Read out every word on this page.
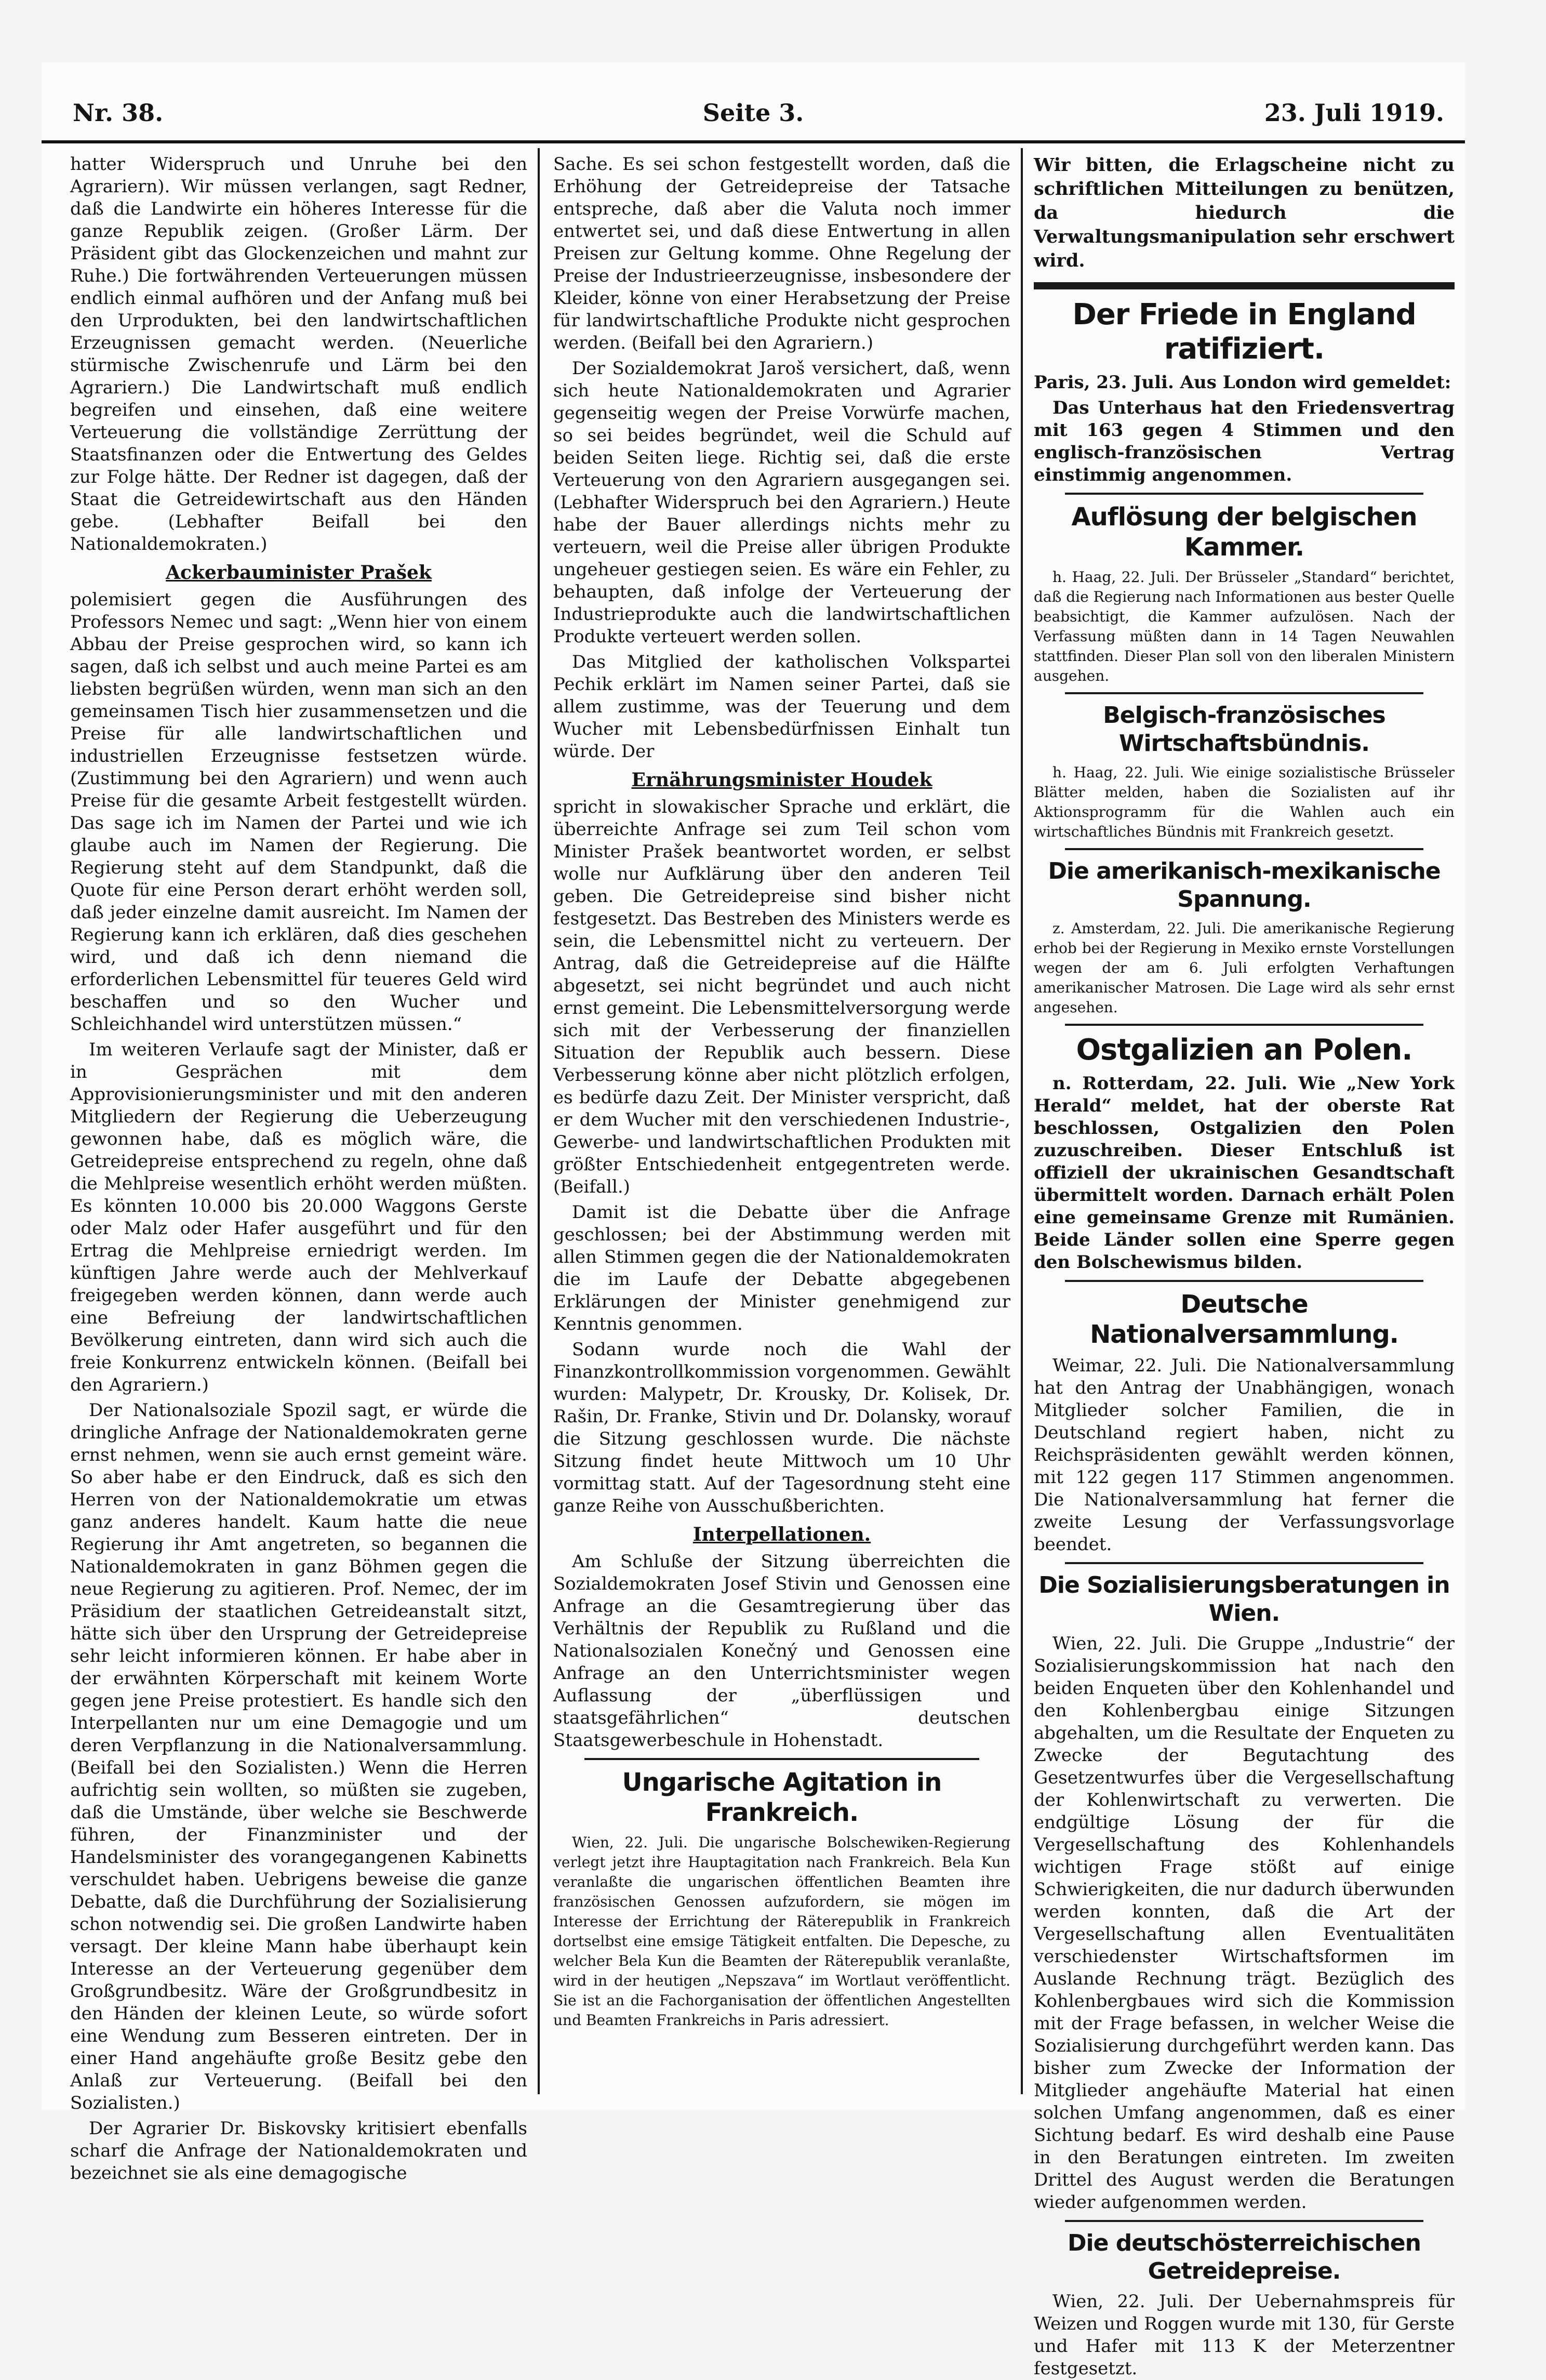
Nr. 38.	Seite 3.	23. Juli 1919.

hatter Widerspruch und Unruhe bei den Agrariern). Wir müssen verlangen, sagt Redner, daß die Landwirte ein höheres Interesse für die ganze Republik zeigen. (Großer Lärm. Der Präsident gibt das Glockenzeichen und mahnt zur Ruhe.) Die fortwährenden Verteuerungen müssen endlich einmal aufhören und der Anfang muß bei den Urprodukten, bei den landwirtschaftlichen Erzeugnissen gemacht werden. (Neuerliche stürmische Zwischenrufe und Lärm bei den Agrariern.) Die Landwirtschaft muß endlich begreifen und einsehen, daß eine weitere Verteuerung die vollständige Zerrüttung der Staatsfinanzen oder die Entwertung des Geldes zur Folge hätte. Der Redner ist dagegen, daß der Staat die Getreidewirtschaft aus den Händen gebe. (Lebhafter Beifall bei den Nationaldemokraten.)

Ackerbauminister Prašek

polemisiert gegen die Ausführungen des Professors Nemec und sagt: „Wenn hier von einem Abbau der Preise gesprochen wird, so kann ich sagen, daß ich selbst und auch meine Partei es am liebsten begrüßen würden, wenn man sich an den gemeinsamen Tisch hier zusammensetzen und die Preise für alle landwirtschaftlichen und industriellen Erzeugnisse festsetzen würde. (Zustimmung bei den Agrariern) und wenn auch Preise für die gesamte Arbeit festgestellt würden. Das sage ich im Namen der Partei und wie ich glaube auch im Namen der Regierung. Die Regierung steht auf dem Standpunkt, daß die Quote für eine Person derart erhöht werden soll, daß jeder einzelne damit ausreicht. Im Namen der Regierung kann ich erklären, daß dies geschehen wird, und daß ich denn niemand die erforderlichen Lebensmittel für teueres Geld wird beschaffen und so den Wucher und Schleichhandel wird unterstützen müssen.“

Im weiteren Verlaufe sagt der Minister, daß er in Gesprächen mit dem Approvisionierungsminister und mit den anderen Mitgliedern der Regierung die Ueberzeugung gewonnen habe, daß es möglich wäre, die Getreidepreise entsprechend zu regeln, ohne daß die Mehlpreise wesentlich erhöht werden müßten. Es könnten 10.000 bis 20.000 Waggons Gerste oder Malz oder Hafer ausgeführt und für den Ertrag die Mehlpreise erniedrigt werden. Im künftigen Jahre werde auch der Mehlverkauf freigegeben werden können, dann werde auch eine Befreiung der landwirtschaftlichen Bevölkerung eintreten, dann wird sich auch die freie Konkurrenz entwickeln können. (Beifall bei den Agrariern.)

Der Nationalsoziale Spozil sagt, er würde die dringliche Anfrage der Nationaldemokraten gerne ernst nehmen, wenn sie auch ernst gemeint wäre. So aber habe er den Eindruck, daß es sich den Herren von der Nationaldemokratie um etwas ganz anderes handelt. Kaum hatte die neue Regierung ihr Amt angetreten, so begannen die Nationaldemokraten in ganz Böhmen gegen die neue Regierung zu agitieren. Prof. Nemec, der im Präsidium der staatlichen Getreideanstalt sitzt, hätte sich über den Ursprung der Getreidepreise sehr leicht informieren können. Er habe aber in der erwähnten Körperschaft mit keinem Worte gegen jene Preise protestiert. Es handle sich den Interpellanten nur um eine Demagogie und um deren Verpflanzung in die Nationalversammlung. (Beifall bei den Sozialisten.) Wenn die Herren aufrichtig sein wollten, so müßten sie zugeben, daß die Umstände, über welche sie Beschwerde führen, der Finanzminister und der Handelsminister des vorangegangenen Kabinetts verschuldet haben. Uebrigens beweise die ganze Debatte, daß die Durchführung der Sozialisierung schon notwendig sei. Die großen Landwirte haben versagt. Der kleine Mann habe überhaupt kein Interesse an der Verteuerung gegenüber dem Großgrundbesitz. Wäre der Großgrundbesitz in den Händen der kleinen Leute, so würde sofort eine Wendung zum Besseren eintreten. Der in einer Hand angehäufte große Besitz gebe den Anlaß zur Verteuerung. (Beifall bei den Sozialisten.)

Der Agrarier Dr. Biskovsky kritisiert ebenfalls scharf die Anfrage der Nationaldemokraten und bezeichnet sie als eine demagogische

Sache. Es sei schon festgestellt worden, daß die Erhöhung der Getreidepreise der Tatsache entspreche, daß aber die Valuta noch immer entwertet sei, und daß diese Entwertung in allen Preisen zur Geltung komme. Ohne Regelung der Preise der Industrieerzeugnisse, insbesondere der Kleider, könne von einer Herabsetzung der Preise für landwirtschaftliche Produkte nicht gesprochen werden. (Beifall bei den Agrariern.)

Der Sozialdemokrat Jaroš versichert, daß, wenn sich heute Nationaldemokraten und Agrarier gegenseitig wegen der Preise Vorwürfe machen, so sei beides begründet, weil die Schuld auf beiden Seiten liege. Richtig sei, daß die erste Verteuerung von den Agrariern ausgegangen sei. (Lebhafter Widerspruch bei den Agrariern.) Heute habe der Bauer allerdings nichts mehr zu verteuern, weil die Preise aller übrigen Produkte ungeheuer gestiegen seien. Es wäre ein Fehler, zu behaupten, daß infolge der Verteuerung der Industrieprodukte auch die landwirtschaftlichen Produkte verteuert werden sollen.

Das Mitglied der katholischen Volkspartei Pechik erklärt im Namen seiner Partei, daß sie allem zustimme, was der Teuerung und dem Wucher mit Lebensbedürfnissen Einhalt tun würde. Der

Ernährungsminister Houdek

spricht in slowakischer Sprache und erklärt, die überreichte Anfrage sei zum Teil schon vom Minister Prašek beantwortet worden, er selbst wolle nur Aufklärung über den anderen Teil geben. Die Getreidepreise sind bisher nicht festgesetzt. Das Bestreben des Ministers werde es sein, die Lebensmittel nicht zu verteuern. Der Antrag, daß die Getreidepreise auf die Hälfte abgesetzt, sei nicht begründet und auch nicht ernst gemeint. Die Lebensmittelversorgung werde sich mit der Verbesserung der finanziellen Situation der Republik auch bessern. Diese Verbesserung könne aber nicht plötzlich erfolgen, es bedürfe dazu Zeit. Der Minister verspricht, daß er dem Wucher mit den verschiedenen Industrie-, Gewerbe- und landwirtschaftlichen Produkten mit größter Entschiedenheit entgegentreten werde. (Beifall.)

Damit ist die Debatte über die Anfrage geschlossen; bei der Abstimmung werden mit allen Stimmen gegen die der Nationaldemokraten die im Laufe der Debatte abgegebenen Erklärungen der Minister genehmigend zur Kenntnis genommen.

Sodann wurde noch die Wahl der Finanzkontrollkommission vorgenommen. Gewählt wurden: Malypetr, Dr. Krousky, Dr. Kolisek, Dr. Rašin, Dr. Franke, Stivin und Dr. Dolansky, worauf die Sitzung geschlossen wurde. Die nächste Sitzung findet heute Mittwoch um 10 Uhr vormittag statt. Auf der Tagesordnung steht eine ganze Reihe von Ausschußberichten.

Interpellationen.

Am Schluße der Sitzung überreichten die Sozialdemokraten Josef Stivin und Genossen eine Anfrage an die Gesamtregierung über das Verhältnis der Republik zu Rußland und die Nationalsozialen Konečný und Genossen eine Anfrage an den Unterrichtsminister wegen Auflassung der „überflüssigen und staatsgefährlichen“ deutschen Staatsgewerbeschule in Hohenstadt.

Ungarische Agitation in Frankreich.

Wien, 22. Juli. Die ungarische Bolschewiken-Regierung verlegt jetzt ihre Hauptagitation nach Frankreich. Bela Kun veranlaßte die ungarischen öffentlichen Beamten ihre französischen Genossen aufzufordern, sie mögen im Interesse der Errichtung der Räterepublik in Frankreich dortselbst eine emsige Tätigkeit entfalten. Die Depesche, zu welcher Bela Kun die Beamten der Räterepublik veranlaßte, wird in der heutigen „Nepszava“ im Wortlaut veröffentlicht. Sie ist an die Fachorganisation der öffentlichen Angestellten und Beamten Frankreichs in Paris adressiert.

Wir bitten, die Erlagscheine nicht zu schriftlichen Mitteilungen zu benützen, da hiedurch die Verwaltungsmanipulation sehr erschwert wird.

Der Friede in England ratifiziert.

Paris, 23. Juli. Aus London wird gemeldet:

Das Unterhaus hat den Friedensvertrag mit 163 gegen 4 Stimmen und den englisch-französischen Vertrag einstimmig angenommen.

Auflösung der belgischen Kammer.

h. Haag, 22. Juli. Der Brüsseler „Standard“ berichtet, daß die Regierung nach Informationen aus bester Quelle beabsichtigt, die Kammer aufzulösen. Nach der Verfassung müßten dann in 14 Tagen Neuwahlen stattfinden. Dieser Plan soll von den liberalen Ministern ausgehen.

Belgisch-französisches Wirtschaftsbündnis.

h. Haag, 22. Juli. Wie einige sozialistische Brüsseler Blätter melden, haben die Sozialisten auf ihr Aktionsprogramm für die Wahlen auch ein wirtschaftliches Bündnis mit Frankreich gesetzt.

Die amerikanisch-mexikanische Spannung.

z. Amsterdam, 22. Juli. Die amerikanische Regierung erhob bei der Regierung in Mexiko ernste Vorstellungen wegen der am 6. Juli erfolgten Verhaftungen amerikanischer Matrosen. Die Lage wird als sehr ernst angesehen.

Ostgalizien an Polen.

n. Rotterdam, 22. Juli. Wie „New York Herald“ meldet, hat der oberste Rat beschlossen, Ostgalizien den Polen zuzuschreiben. Dieser Entschluß ist offiziell der ukrainischen Gesandtschaft übermittelt worden. Darnach erhält Polen eine gemeinsame Grenze mit Rumänien. Beide Länder sollen eine Sperre gegen den Bolschewismus bilden.

Deutsche Nationalversammlung.

Weimar, 22. Juli. Die Nationalversammlung hat den Antrag der Unabhängigen, wonach Mitglieder solcher Familien, die in Deutschland regiert haben, nicht zu Reichspräsidenten gewählt werden können, mit 122 gegen 117 Stimmen angenommen. Die Nationalversammlung hat ferner die zweite Lesung der Verfassungsvorlage beendet.

Die Sozialisierungsberatungen in Wien.

Wien, 22. Juli. Die Gruppe „Industrie“ der Sozialisierungskommission hat nach den beiden Enqueten über den Kohlenhandel und den Kohlenbergbau einige Sitzungen abgehalten, um die Resultate der Enqueten zu Zwecke der Begutachtung des Gesetzentwurfes über die Vergesellschaftung der Kohlenwirtschaft zu verwerten. Die endgültige Lösung der für die Vergesellschaftung des Kohlenhandels wichtigen Frage stößt auf einige Schwierigkeiten, die nur dadurch überwunden werden konnten, daß die Art der Vergesellschaftung allen Eventualitäten verschiedenster Wirtschaftsformen im Auslande Rechnung trägt. Bezüglich des Kohlenbergbaues wird sich die Kommission mit der Frage befassen, in welcher Weise die Sozialisierung durchgeführt werden kann. Das bisher zum Zwecke der Information der Mitglieder angehäufte Material hat einen solchen Umfang angenommen, daß es einer Sichtung bedarf. Es wird deshalb eine Pause in den Beratungen eintreten. Im zweiten Drittel des August werden die Beratungen wieder aufgenommen werden.

Die deutschösterreichischen Getreidepreise.

Wien, 22. Juli. Der Uebernahmspreis für Weizen und Roggen wurde mit 130, für Gerste und Hafer mit 113 K der Meterzentner festgesetzt.
